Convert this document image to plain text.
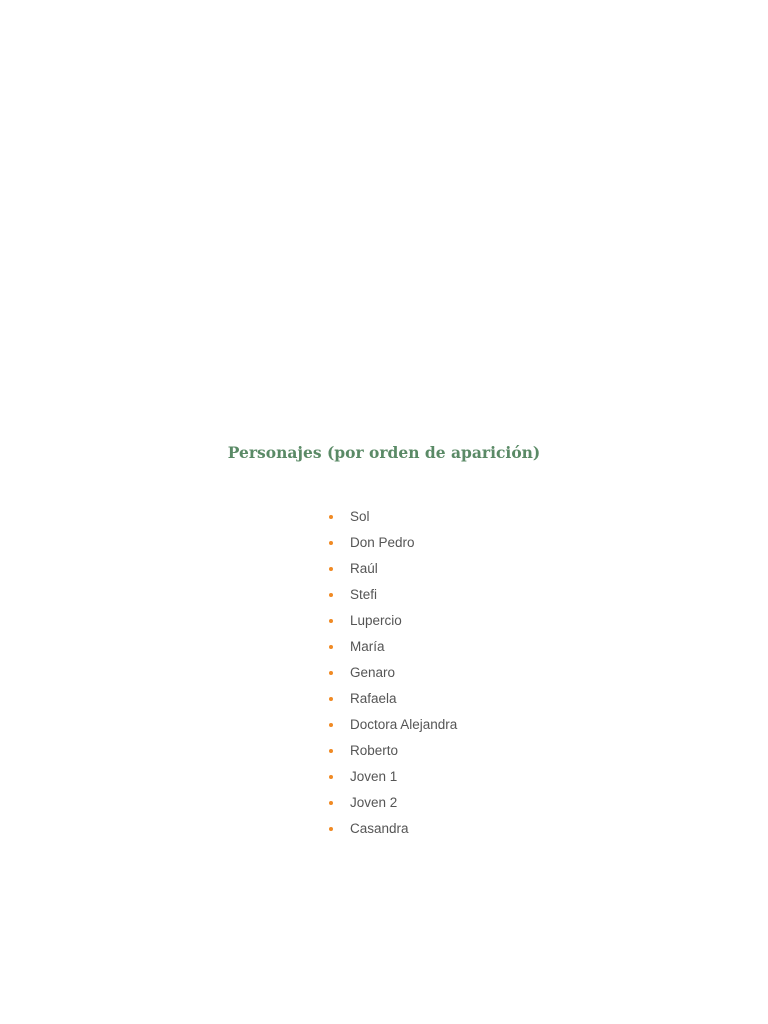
Personajes (por orden de aparición)
Sol
Don Pedro
Raúl
Stefi
Lupercio
María
Genaro
Rafaela
Doctora Alejandra
Roberto
Joven 1
Joven 2
Casandra
